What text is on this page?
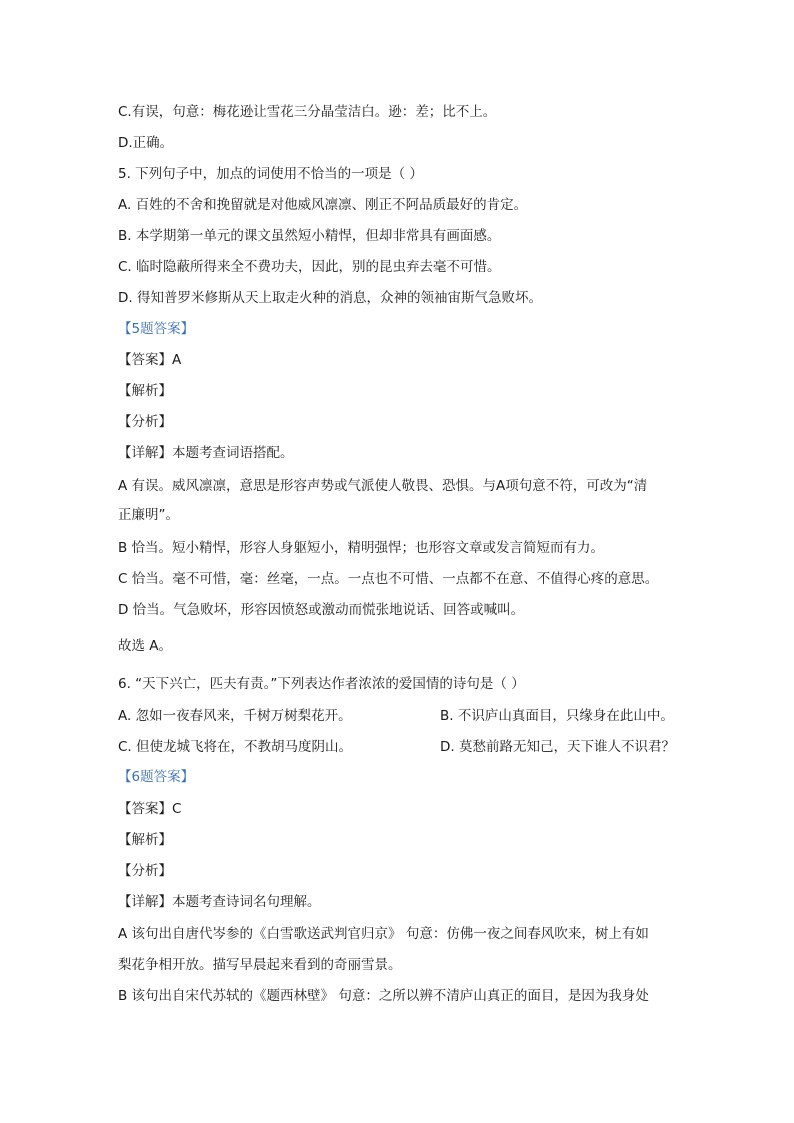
C.有误，句意：梅花逊让雪花三分晶莹洁白。逊：差；比不上。
D.正确。
5. 下列句子中，加点的词使用不恰当的一项是（ ）
A. 百姓的不舍和挽留就是对他威风凛凛、刚正不阿品质最好的肯定。
B. 本学期第一单元的课文虽然短小精悍，但却非常具有画面感。
C. 临时隐蔽所得来全不费功夫，因此，别的昆虫弃去毫不可惜。
D. 得知普罗米修斯从天上取走火种的消息，众神的领袖宙斯气急败坏。
【5题答案】
【答案】A
【解析】
【分析】
【详解】本题考查词语搭配。
A 有误。威风凛凛，意思是形容声势或气派使人敬畏、恐惧。与A项句意不符，可改为“清
正廉明”。
B 恰当。短小精悍，形容人身躯短小，精明强悍；也形容文章或发言简短而有力。
C 恰当。毫不可惜，毫：丝毫，一点。一点也不可惜、一点都不在意、不值得心疼的意思。
D 恰当。气急败坏，形容因愤怒或激动而慌张地说话、回答或喊叫。
故选 A。
6. “天下兴亡，匹夫有责。”下列表达作者浓浓的爱国情的诗句是（ ）
A. 忽如一夜春风来，千树万树梨花开。	B. 不识庐山真面目，只缘身在此山中。
C. 但使龙城飞将在，不教胡马度阴山。	D. 莫愁前路无知己，天下谁人不识君？
【6题答案】
【答案】C
【解析】
【分析】
【详解】本题考查诗词名句理解。
A 该句出自唐代岑参的《白雪歌送武判官归京》 句意：仿佛一夜之间春风吹来，树上有如
梨花争相开放。描写早晨起来看到的奇丽雪景。
B 该句出自宋代苏轼的《题西林壁》 句意：之所以辨不清庐山真正的面目，是因为我身处
